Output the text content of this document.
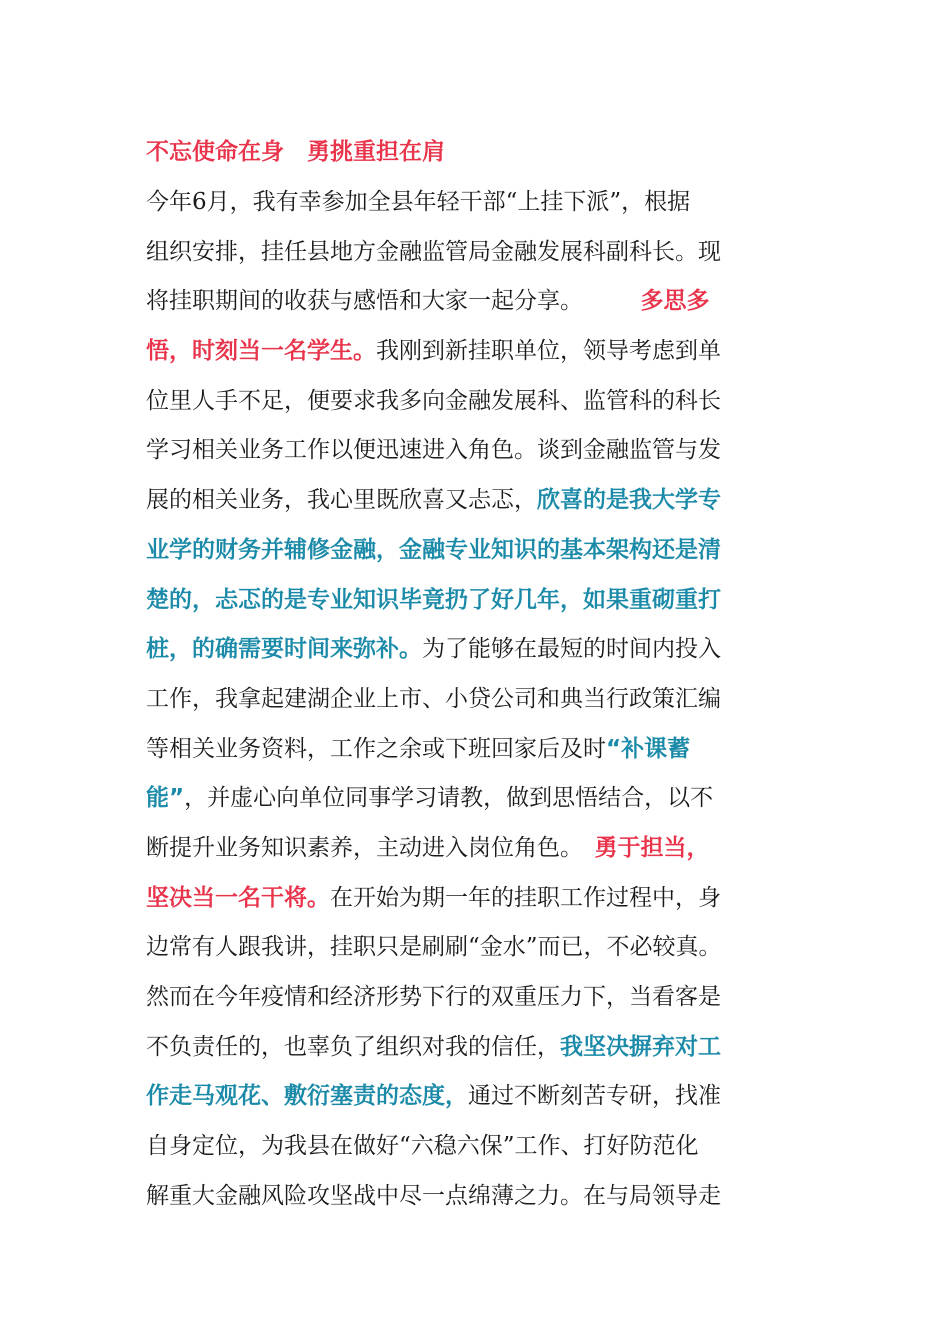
不忘使命在身　勇挑重担在肩
今年6月，我有幸参加全县年轻干部“上挂下派”，根据
组织安排，挂任县地方金融监管局金融发展科副科长。现
将挂职期间的收获与感悟和大家一起分享。　　　多思多
悟，时刻当一名学生。我刚到新挂职单位，领导考虑到单
位里人手不足，便要求我多向金融发展科、监管科的科长
学习相关业务工作以便迅速进入角色。谈到金融监管与发
展的相关业务，我心里既欣喜又忐忑，欣喜的是我大学专
业学的财务并辅修金融，金融专业知识的基本架构还是清
楚的，忐忑的是专业知识毕竟扔了好几年，如果重砌重打
桩，的确需要时间来弥补。为了能够在最短的时间内投入
工作，我拿起建湖企业上市、小贷公司和典当行政策汇编
等相关业务资料，工作之余或下班回家后及时“补课蓄
能”，并虚心向单位同事学习请教，做到思悟结合，以不
断提升业务知识素养，主动进入岗位角色。　勇于担当，
坚决当一名干将。在开始为期一年的挂职工作过程中，身
边常有人跟我讲，挂职只是刷刷“金水”而已，不必较真。
然而在今年疫情和经济形势下行的双重压力下，当看客是
不负责任的，也辜负了组织对我的信任，我坚决摒弃对工
作走马观花、敷衍塞责的态度，通过不断刻苦专研，找准
自身定位，为我县在做好“六稳六保”工作、打好防范化
解重大金融风险攻坚战中尽一点绵薄之力。在与局领导走
